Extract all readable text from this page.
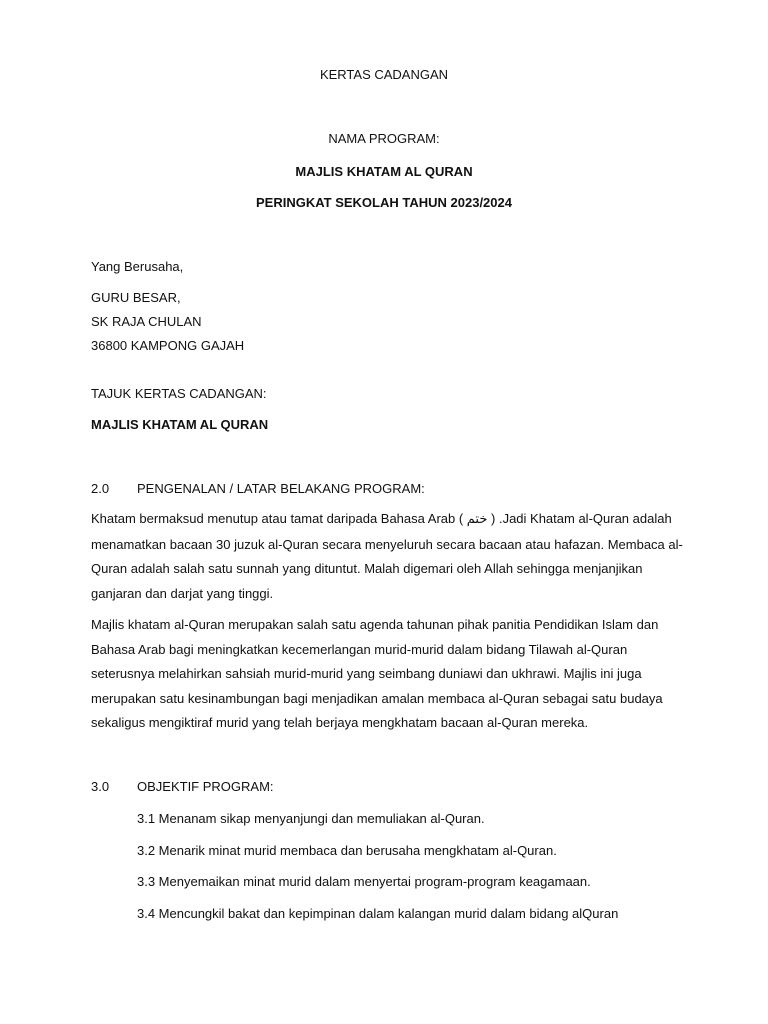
KERTAS CADANGAN
NAMA PROGRAM:
MAJLIS KHATAM AL QURAN
PERINGKAT SEKOLAH TAHUN 2023/2024
Yang Berusaha,
GURU BESAR,
SK RAJA CHULAN
36800 KAMPONG GAJAH
TAJUK KERTAS CADANGAN:
MAJLIS KHATAM AL QURAN
2.0 PENGENALAN / LATAR BELAKANG PROGRAM:
Khatam bermaksud menutup atau tamat daripada Bahasa Arab ( ختم ) .Jadi Khatam al-Quran adalah
menamatkan bacaan 30 juzuk al-Quran secara menyeluruh secara bacaan atau hafazan. Membaca al-
Quran adalah salah satu sunnah yang dituntut. Malah digemari oleh Allah sehingga menjanjikan
ganjaran dan darjat yang tinggi.
Majlis khatam al-Quran merupakan salah satu agenda tahunan pihak panitia Pendidikan Islam dan
Bahasa Arab bagi meningkatkan kecemerlangan murid-murid dalam bidang Tilawah al-Quran
seterusnya melahirkan sahsiah murid-murid yang seimbang duniawi dan ukhrawi. Majlis ini juga
merupakan satu kesinambungan bagi menjadikan amalan membaca al-Quran sebagai satu budaya
sekaligus mengiktiraf murid yang telah berjaya mengkhatam bacaan al-Quran mereka.
3.0 OBJEKTIF PROGRAM:
3.1 Menanam sikap menyanjungi dan memuliakan al-Quran.
3.2 Menarik minat murid membaca dan berusaha mengkhatam al-Quran.
3.3 Menyemaikan minat murid dalam menyertai program-program keagamaan.
3.4 Mencungkil bakat dan kepimpinan dalam kalangan murid dalam bidang alQuran
